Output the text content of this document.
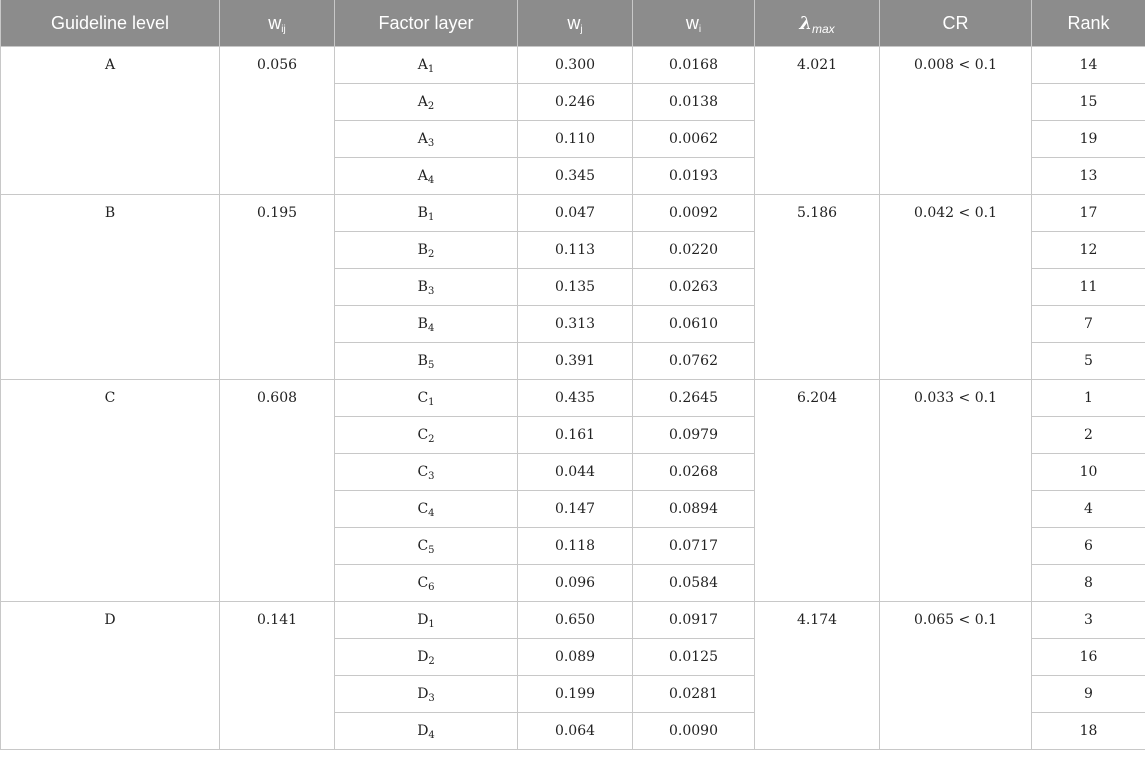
Guideline level	$w_{ij}$	Factor layer	$w_j$	$w_i$	$\lambda_{max}$	CR	Rank
A	0.056	$A_1$	0.300	0.0168	4.021	0.008 < 0.1	14
		$A_2$	0.246	0.0138			15
		$A_3$	0.110	0.0062			19
		$A_4$	0.345	0.0193			13
B	0.195	$B_1$	0.047	0.0092	5.186	0.042 < 0.1	17
		$B_2$	0.113	0.0220			12
		$B_3$	0.135	0.0263			11
		$B_4$	0.313	0.0610			7
		$B_5$	0.391	0.0762			5
C	0.608	$C_1$	0.435	0.2645	6.204	0.033 < 0.1	1
		$C_2$	0.161	0.0979			2
		$C_3$	0.044	0.0268			10
		$C_4$	0.147	0.0894			4
		$C_5$	0.118	0.0717			6
		$C_6$	0.096	0.0584			8
D	0.141	$D_1$	0.650	0.0917	4.174	0.065 < 0.1	3
		$D_2$	0.089	0.0125			16
		$D_3$	0.199	0.0281			9
		$D_4$	0.064	0.0090			18
